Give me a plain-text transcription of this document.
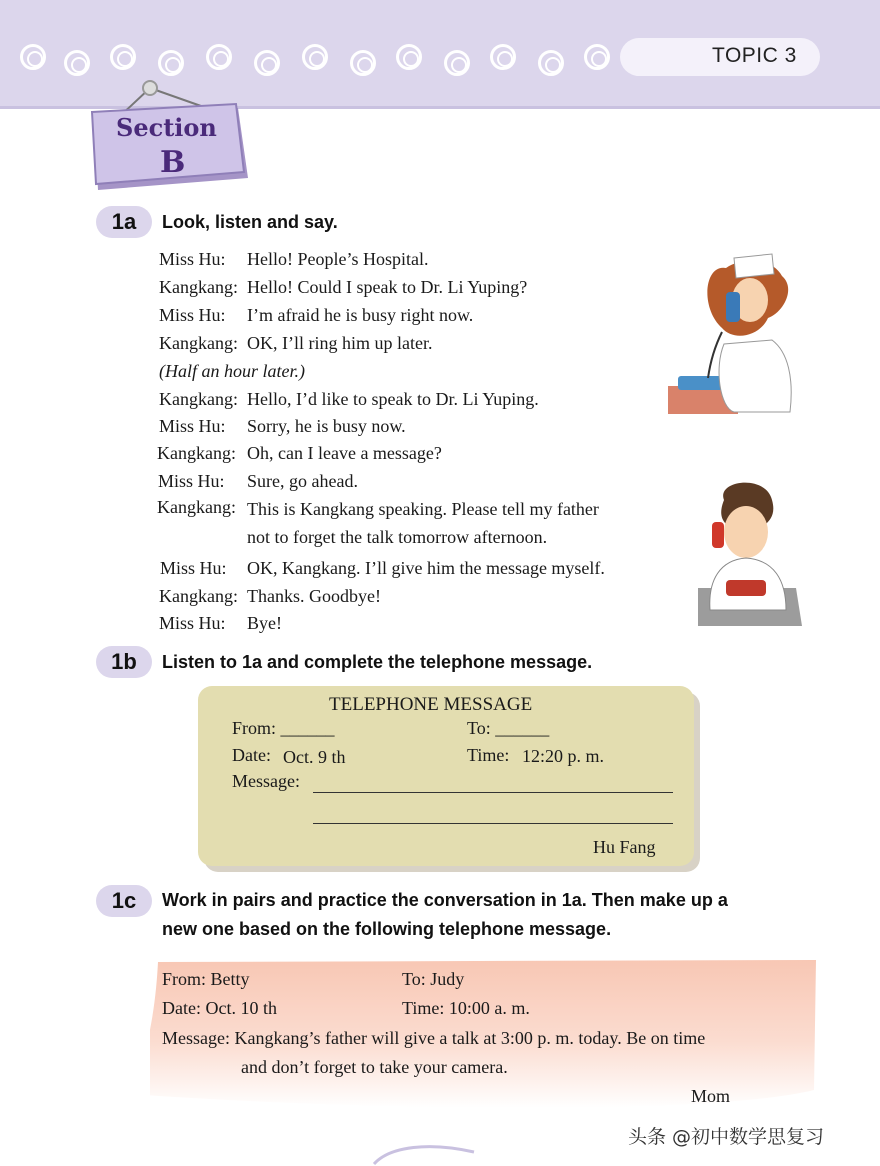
TOPIC 3
Section
B
1a	Look, listen and say.
Miss Hu: Hello! People’s Hospital.
Kangkang: Hello! Could I speak to Dr. Li Yuping?
Miss Hu: I’m afraid he is busy right now.
Kangkang: OK, I’ll ring him up later.
(Half an hour later.)
Kangkang: Hello, I’d like to speak to Dr. Li Yuping.
Miss Hu: Sorry, he is busy now.
Kangkang: Oh, can I leave a message?
Miss Hu: Sure, go ahead.
Kangkang: This is Kangkang speaking. Please tell my father
not to forget the talk tomorrow afternoon.
Miss Hu: OK, Kangkang. I’ll give him the message myself.
Kangkang: Thanks. Goodbye!
Miss Hu: Bye!
1b	Listen to 1a and complete the telephone message.
TELEPHONE MESSAGE
From: ______	To: ______
Date: Oct. 9 th	Time: 12:20 p. m.
Message:
Hu Fang
1c	Work in pairs and practice the conversation in 1a. Then make up a
new one based on the following telephone message.
From: Betty	To: Judy
Date: Oct. 10 th	Time: 10:00 a. m.
Message: Kangkang’s father will give a talk at 3:00 p. m. today. Be on time
and don’t forget to take your camera.
Mom
头条 @初中数学思复习
